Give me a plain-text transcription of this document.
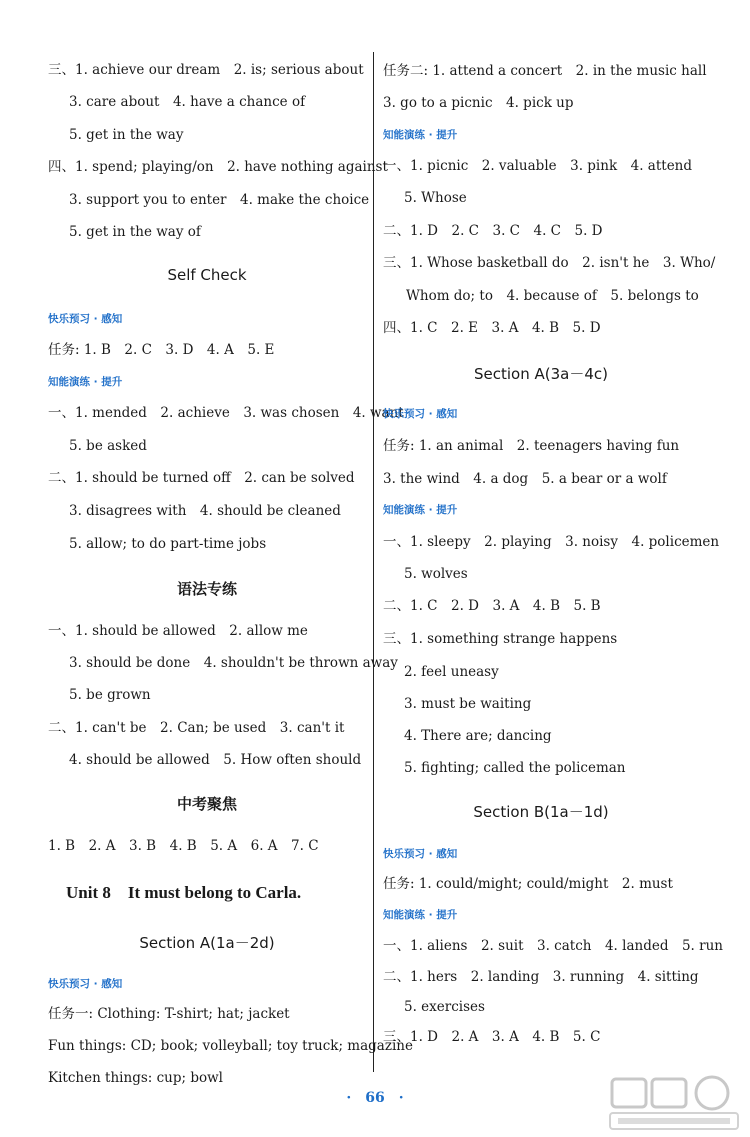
三、1. achieve our dream　2. is; serious about
3. care about　4. have a chance of
5. get in the way
四、1. spend; playing/on　2. have nothing against
3. support you to enter　4. make the choice
5. get in the way of
Self Check
快乐预习 · 感知
任务: 1. B　2. C　3. D　4. A　5. E
知能演练 · 提升
一、1. mended　2. achieve　3. was chosen　4. want
5. be asked
二、1. should be turned off　2. can be solved
3. disagrees with　4. should be cleaned
5. allow; to do part-time jobs
语法专练
一、1. should be allowed　2. allow me
3. should be done　4. shouldn't be thrown away
5. be grown
二、1. can't be　2. Can; be used　3. can't it
4. should be allowed　5. How often should
中考聚焦
1. B　2. A　3. B　4. B　5. A　6. A　7. C
Unit 8　It must belong to Carla.
Section A(1a－2d)
快乐预习 · 感知
任务一: Clothing: T-shirt; hat; jacket
Fun things: CD; book; volleyball; toy truck; magazine
Kitchen things: cup; bowl
任务二: 1. attend a concert　2. in the music hall
3. go to a picnic　4. pick up
知能演练 · 提升
一、1. picnic　2. valuable　3. pink　4. attend
5. Whose
二、1. D　2. C　3. C　4. C　5. D
三、1. Whose basketball do　2. isn't he　3. Who/
Whom do; to　4. because of　5. belongs to
四、1. C　2. E　3. A　4. B　5. D
Section A(3a－4c)
快乐预习 · 感知
任务: 1. an animal　2. teenagers having fun
3. the wind　4. a dog　5. a bear or a wolf
知能演练 · 提升
一、1. sleepy　2. playing　3. noisy　4. policemen
5. wolves
二、1. C　2. D　3. A　4. B　5. B
三、1. something strange happens
2. feel uneasy
3. must be waiting
4. There are; dancing
5. fighting; called the policeman
Section B(1a－1d)
快乐预习 · 感知
任务: 1. could/might; could/might　2. must
知能演练 · 提升
一、1. aliens　2. suit　3. catch　4. landed　5. run
二、1. hers　2. landing　3. running　4. sitting
5. exercises
三、1. D　2. A　3. A　4. B　5. C
·　66　·
